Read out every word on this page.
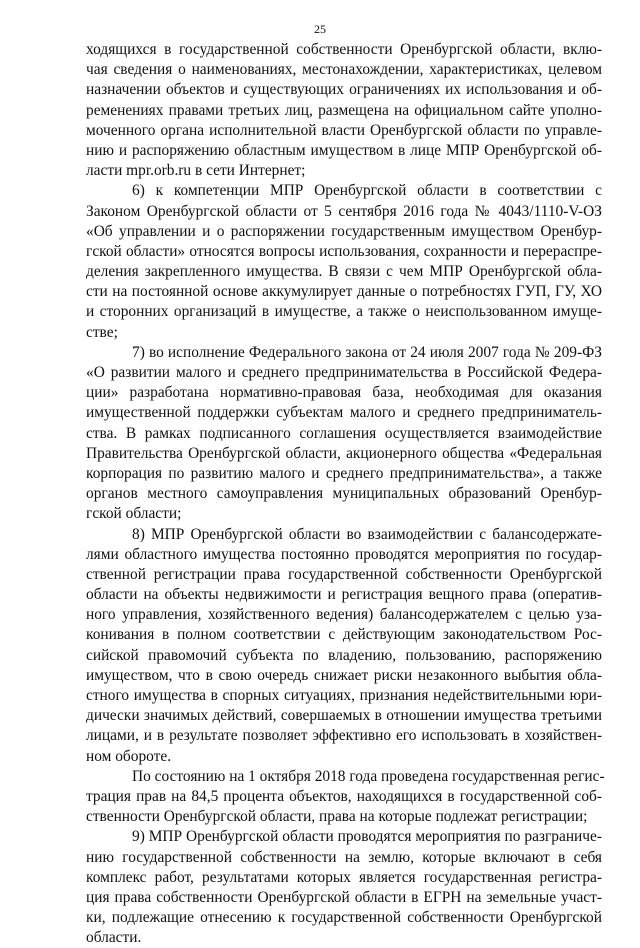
25
ходящихся в государственной собственности Оренбургской области, вклю-
чая сведения о наименованиях, местонахождении, характеристиках, целевом
назначении объектов и существующих ограничениях их использования и об-
ременениях правами третьих лиц, размещена на официальном сайте уполно-
моченного органа исполнительной власти Оренбургской области по управле-
нию и распоряжению областным имуществом в лице МПР Оренбургской об-
ласти mpr.orb.ru в сети Интернет;
6) к компетенции МПР Оренбургской области в соответствии с
Законом Оренбургской области от 5 сентября 2016 года № 4043/1110-V-ОЗ
«Об управлении и о распоряжении государственным имуществом Оренбур-
гской области» относятся вопросы использования, сохранности и перераспре-
деления закрепленного имущества. В связи с чем МПР Оренбургской обла-
сти на постоянной основе аккумулирует данные о потребностях ГУП, ГУ, ХО
и сторонних организаций в имуществе, а также о неиспользованном имуще-
стве;
7) во исполнение Федерального закона от 24 июля 2007 года № 209-ФЗ
«О развитии малого и среднего предпринимательства в Российской Федера-
ции» разработана нормативно-правовая база, необходимая для оказания
имущественной поддержки субъектам малого и среднего предприниматель-
ства. В рамках подписанного соглашения осуществляется взаимодействие
Правительства Оренбургской области, акционерного общества «Федеральная
корпорация по развитию малого и среднего предпринимательства», а также
органов местного самоуправления муниципальных образований Оренбур-
гской области;
8) МПР Оренбургской области во взаимодействии с балансодержате-
лями областного имущества постоянно проводятся мероприятия по государ-
ственной регистрации права государственной собственности Оренбургской
области на объекты недвижимости и регистрация вещного права (оператив-
ного управления, хозяйственного ведения) балансодержателем с целью уза-
конивания в полном соответствии с действующим законодательством Рос-
сийской правомочий субъекта по владению, пользованию, распоряжению
имуществом, что в свою очередь снижает риски незаконного выбытия обла-
стного имущества в спорных ситуациях, признания недействительными юри-
дически значимых действий, совершаемых в отношении имущества третьими
лицами, и в результате позволяет эффективно его использовать в хозяйствен-
ном обороте.
По состоянию на 1 октября 2018 года проведена государственная регис-
трация прав на 84,5 процента объектов, находящихся в государственной соб-
ственности Оренбургской области, права на которые подлежат регистрации;
9) МПР Оренбургской области проводятся мероприятия по разграниче-
нию государственной собственности на землю, которые включают в себя
комплекс работ, результатами которых является государственная регистра-
ция права собственности Оренбургской области в ЕГРН на земельные участ-
ки, подлежащие отнесению к государственной собственности Оренбургской
области.
